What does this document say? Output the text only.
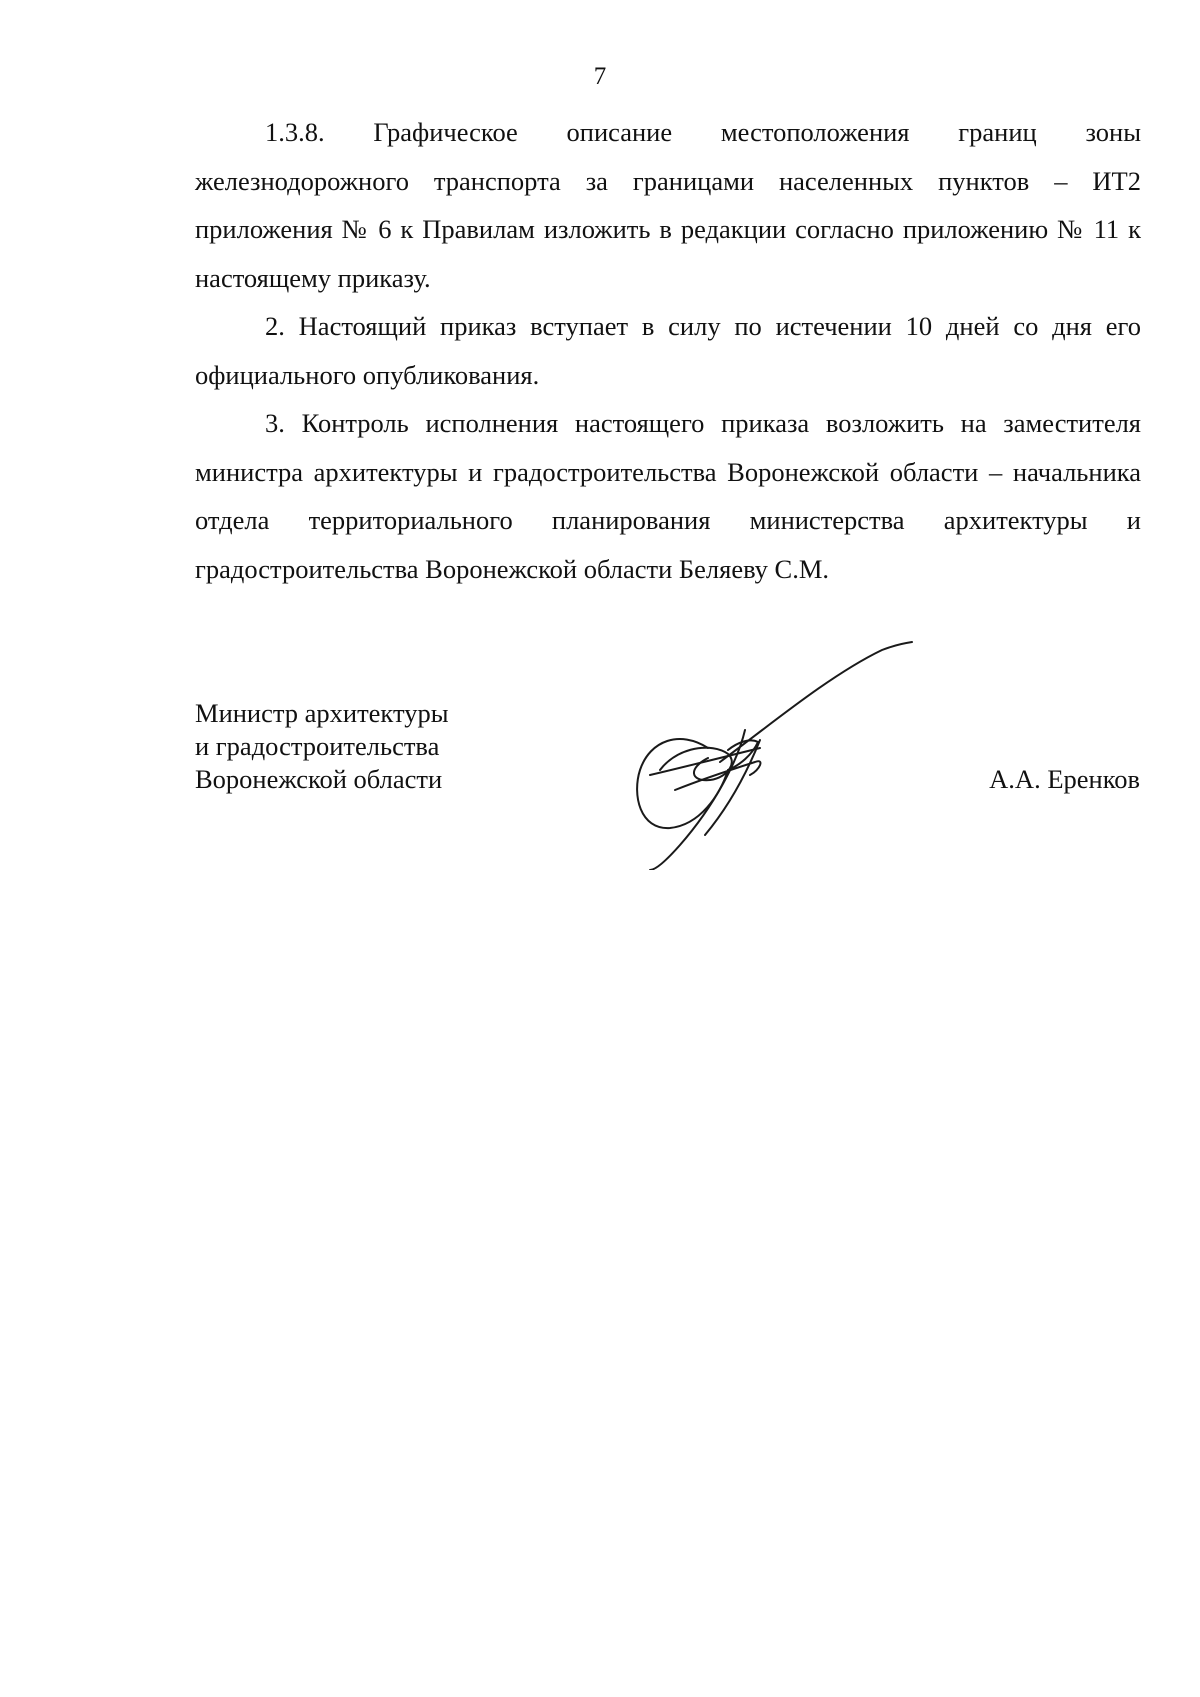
7

1.3.8. Графическое описание местоположения границ зоны железнодорожного транспорта за границами населенных пунктов – ИТ2 приложения № 6 к Правилам изложить в редакции согласно приложению № 11 к настоящему приказу.

2. Настоящий приказ вступает в силу по истечении 10 дней со дня его официального опубликования.

3. Контроль исполнения настоящего приказа возложить на заместителя министра архитектуры и градостроительства Воронежской области – начальника отдела территориального планирования министерства архитектуры и градостроительства Воронежской области Беляеву С.М.

Министр архитектуры
и градостроительства
Воронежской области	А.А. Еренков
